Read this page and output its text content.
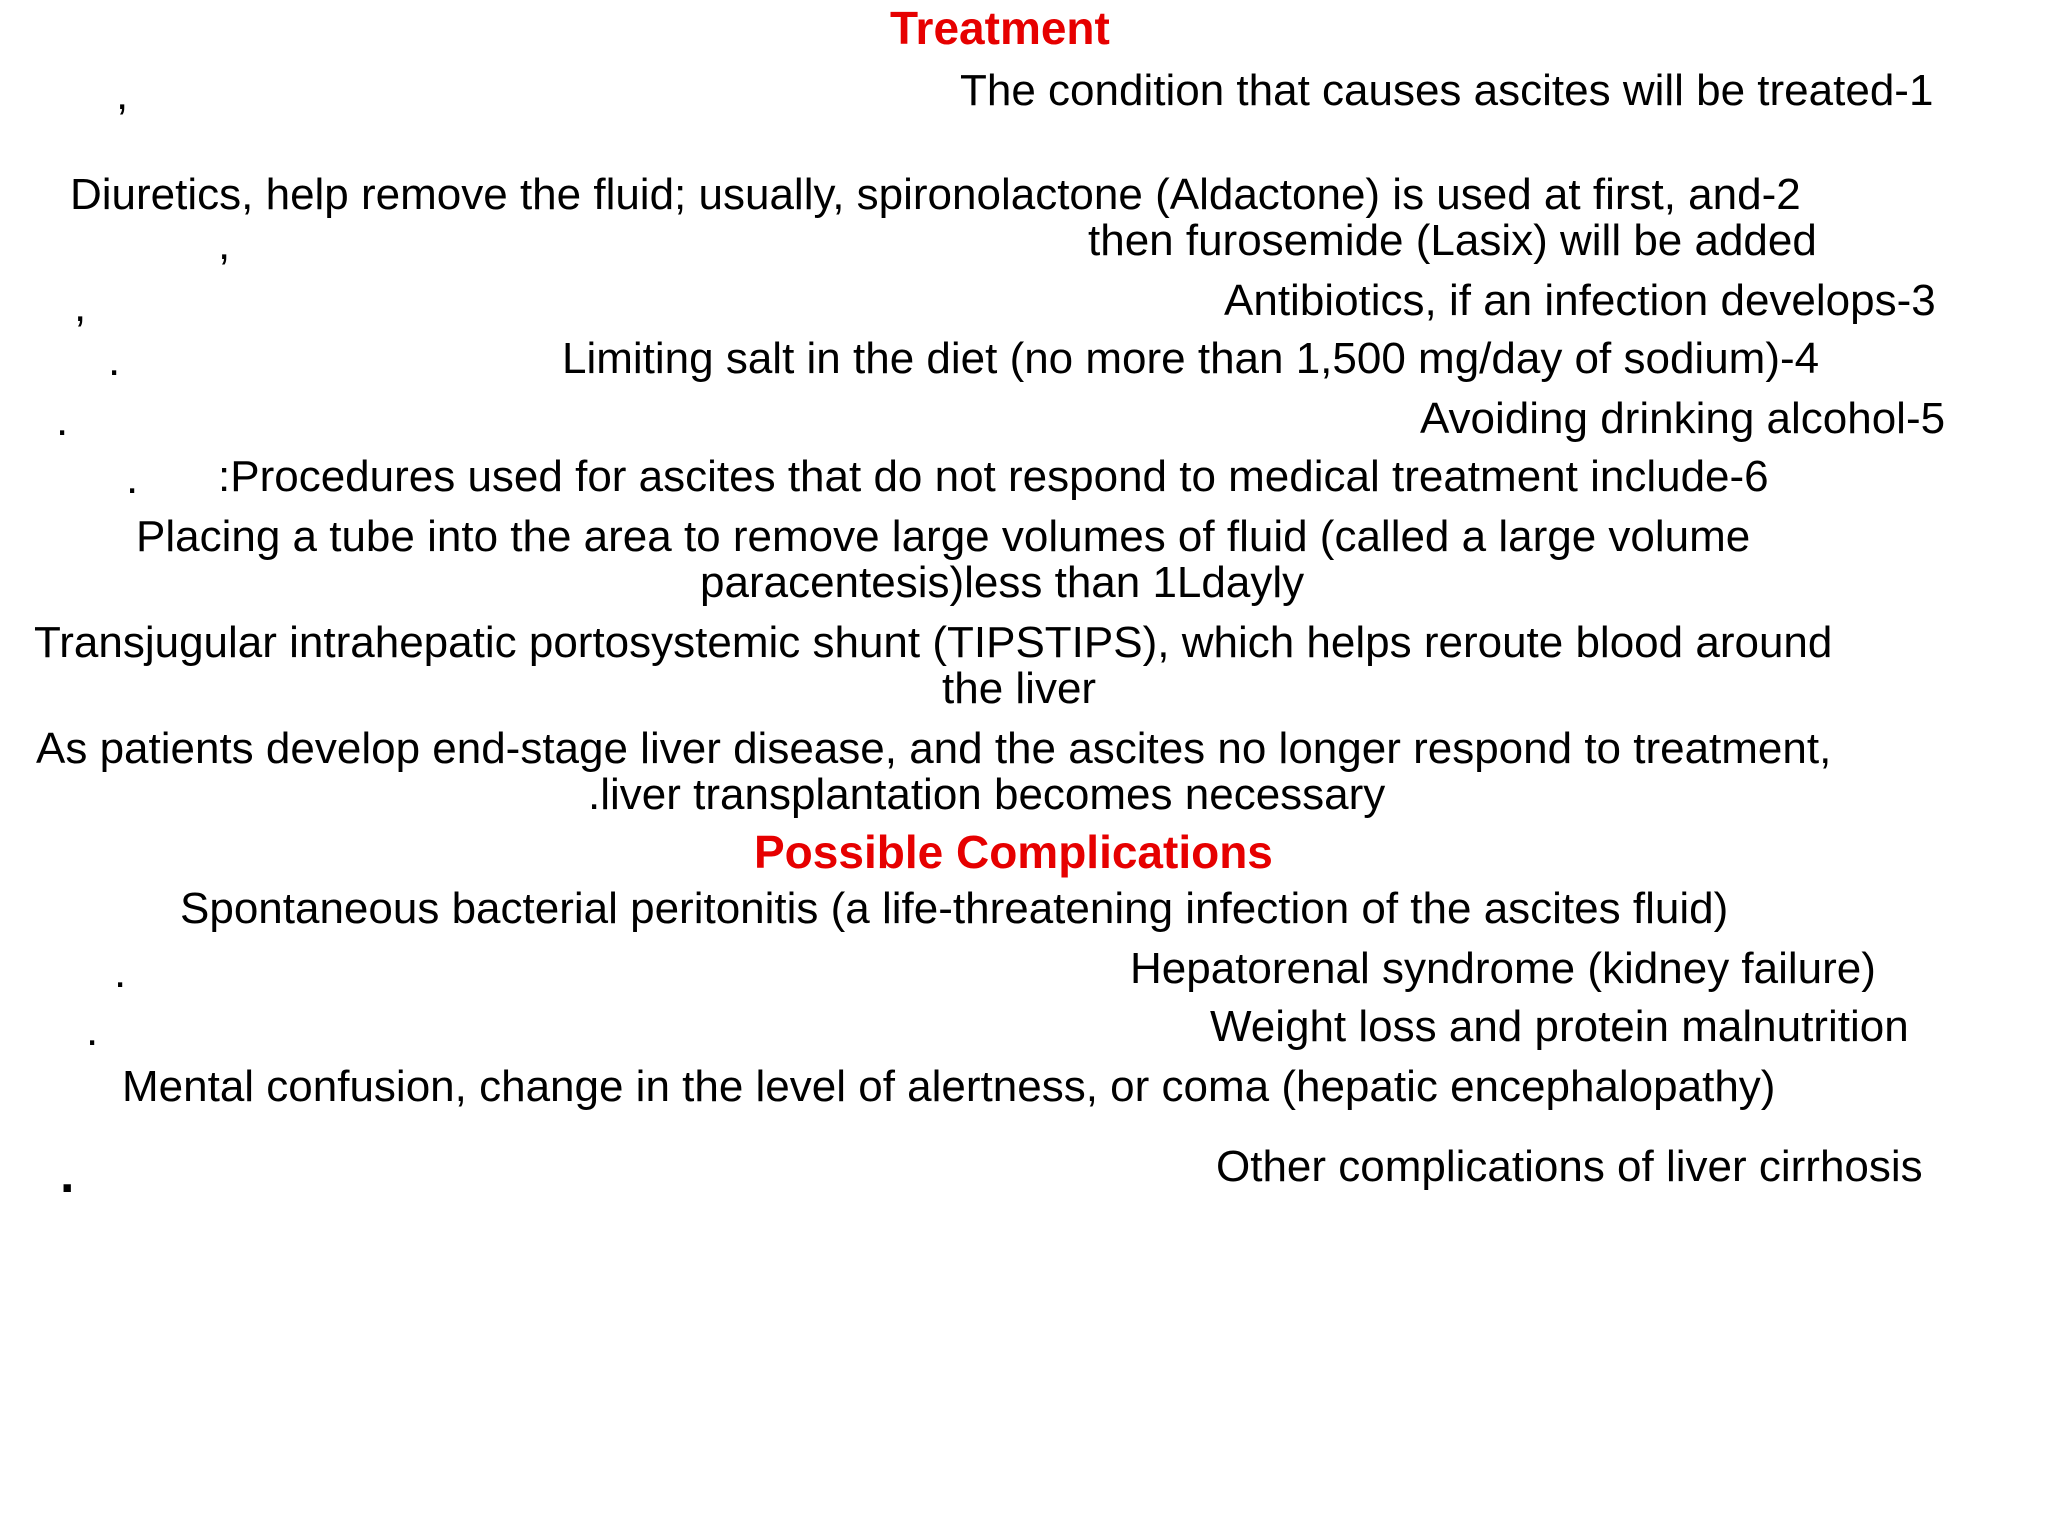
Treatment
,	The condition that causes ascites will be treated-1
Diuretics, help remove the fluid; usually, spironolactone (Aldactone) is used at first, and-2
,	then furosemide (Lasix) will be added
,	Antibiotics, if an infection develops-3
.	Limiting salt in the diet (no more than 1,500 mg/day of sodium)-4
.	Avoiding drinking alcohol-5
. :Procedures used for ascites that do not respond to medical treatment include-6
Placing a tube into the area to remove large volumes of fluid (called a large volume
paracentesis)less than 1Ldayly
Transjugular intrahepatic portosystemic shunt (TIPSTIPS), which helps reroute blood around
the liver
As patients develop end-stage liver disease, and the ascites no longer respond to treatment,
.liver transplantation becomes necessary
Possible Complications
Spontaneous bacterial peritonitis (a life-threatening infection of the ascites fluid)
.	Hepatorenal syndrome (kidney failure)
.	Weight loss and protein malnutrition
Mental confusion, change in the level of alertness, or coma (hepatic encephalopathy)
.	Other complications of liver cirrhosis
